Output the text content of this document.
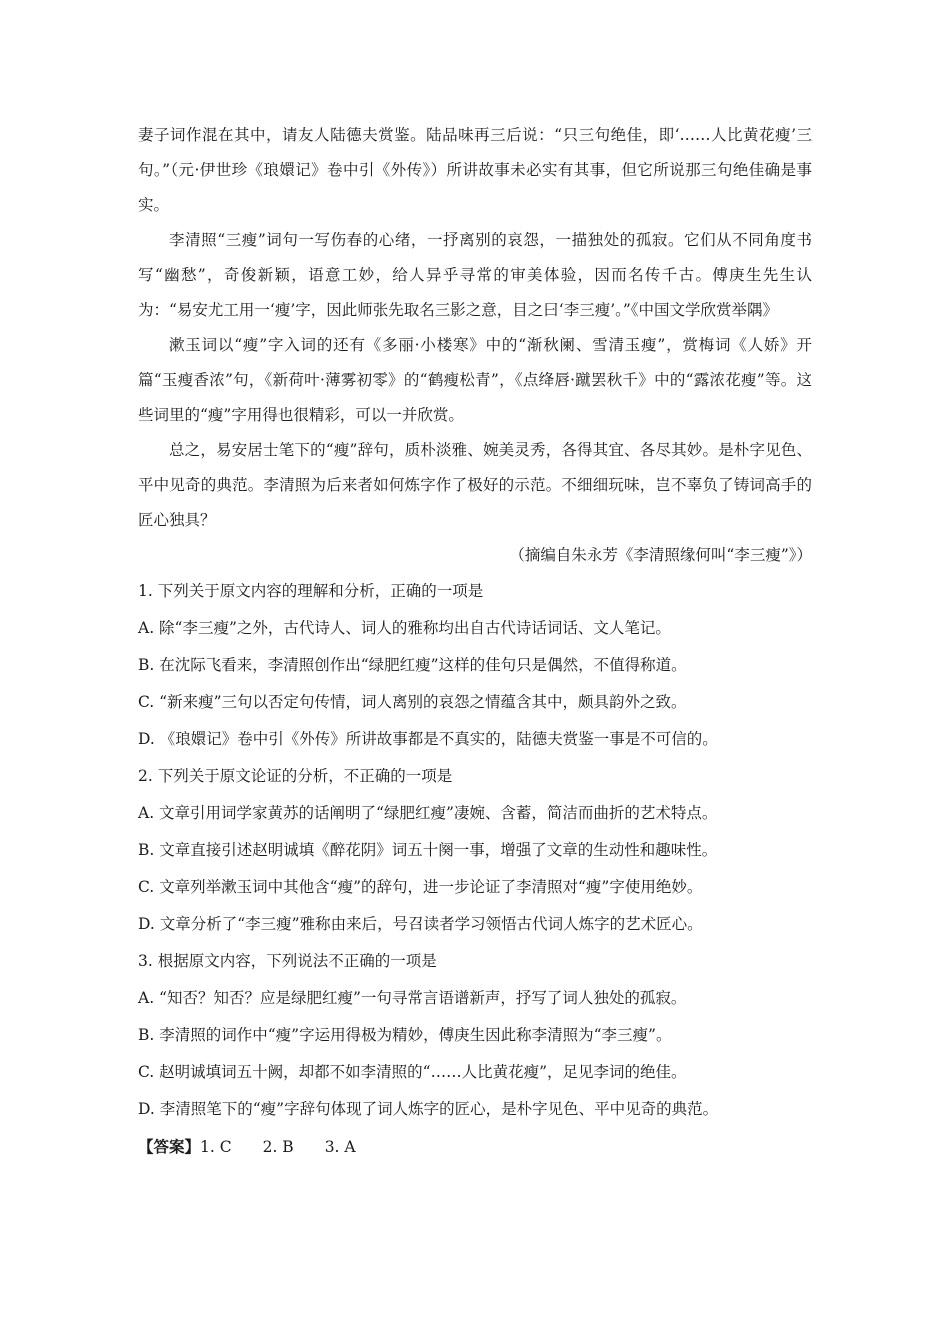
妻子词作混在其中，请友人陆德夫赏鉴。陆品味再三后说：“只三句绝佳，即‘……人比黄花瘦’三句。”（元·伊世珍《琅嬛记》卷中引《外传》）所讲故事未必实有其事，但它所说那三句绝佳确是事实。

李清照“三瘦”词句一写伤春的心绪，一抒离别的哀怨，一描独处的孤寂。它们从不同角度书写“幽愁”，奇俊新颖，语意工妙，给人异乎寻常的审美体验，因而名传千古。傅庚生先生认为：“易安尤工用一‘瘦’字，因此师张先取名三影之意，目之曰‘李三瘦’。”《中国文学欣赏举隅》

漱玉词以“瘦”字入词的还有《多丽·小楼寒》中的“渐秋阑、雪清玉瘦”，赏梅词《人娇》开篇“玉瘦香浓”句，《新荷叶·薄雾初零》的“鹤瘦松青”，《点绛唇·蹴罢秋千》中的“露浓花瘦”等。这些词里的“瘦”字用得也很精彩，可以一并欣赏。

总之，易安居士笔下的“瘦”辞句，质朴淡雅、婉美灵秀，各得其宜、各尽其妙。是朴字见色、平中见奇的典范。李清照为后来者如何炼字作了极好的示范。不细细玩味，岂不辜负了铸词高手的匠心独具？

（摘编自朱永芳《李清照缘何叫“李三瘦”》）

1. 下列关于原文内容的理解和分析，正确的一项是

A. 除“李三瘦”之外，古代诗人、词人的雅称均出自古代诗话词话、文人笔记。

B. 在沈际飞看来，李清照创作出“绿肥红瘦”这样的佳句只是偶然，不值得称道。

C. “新来瘦”三句以否定句传情，词人离别的哀怨之情蕴含其中，颇具韵外之致。

D. 《琅嬛记》卷中引《外传》所讲故事都是不真实的，陆德夫赏鉴一事是不可信的。

2. 下列关于原文论证的分析，不正确的一项是

A. 文章引用词学家黄苏的话阐明了“绿肥红瘦”凄婉、含蓄，简洁而曲折的艺术特点。

B. 文章直接引述赵明诚填《醉花阴》词五十阕一事，增强了文章的生动性和趣味性。

C. 文章列举漱玉词中其他含“瘦”的辞句，进一步论证了李清照对“瘦”字使用绝妙。

D. 文章分析了“李三瘦”雅称由来后，号召读者学习领悟古代词人炼字的艺术匠心。

3. 根据原文内容，下列说法不正确的一项是

A. “知否？知否？应是绿肥红瘦”一句寻常言语谱新声，抒写了词人独处的孤寂。

B. 李清照的词作中“瘦”字运用得极为精妙，傅庚生因此称李清照为“李三瘦”。

C. 赵明诚填词五十阙，却都不如李清照的“……人比黄花瘦”，足见李词的绝佳。

D. 李清照笔下的“瘦”字辞句体现了词人炼字的匠心，是朴字见色、平中见奇的典范。

【答案】1. C　　2. B　　3. A
